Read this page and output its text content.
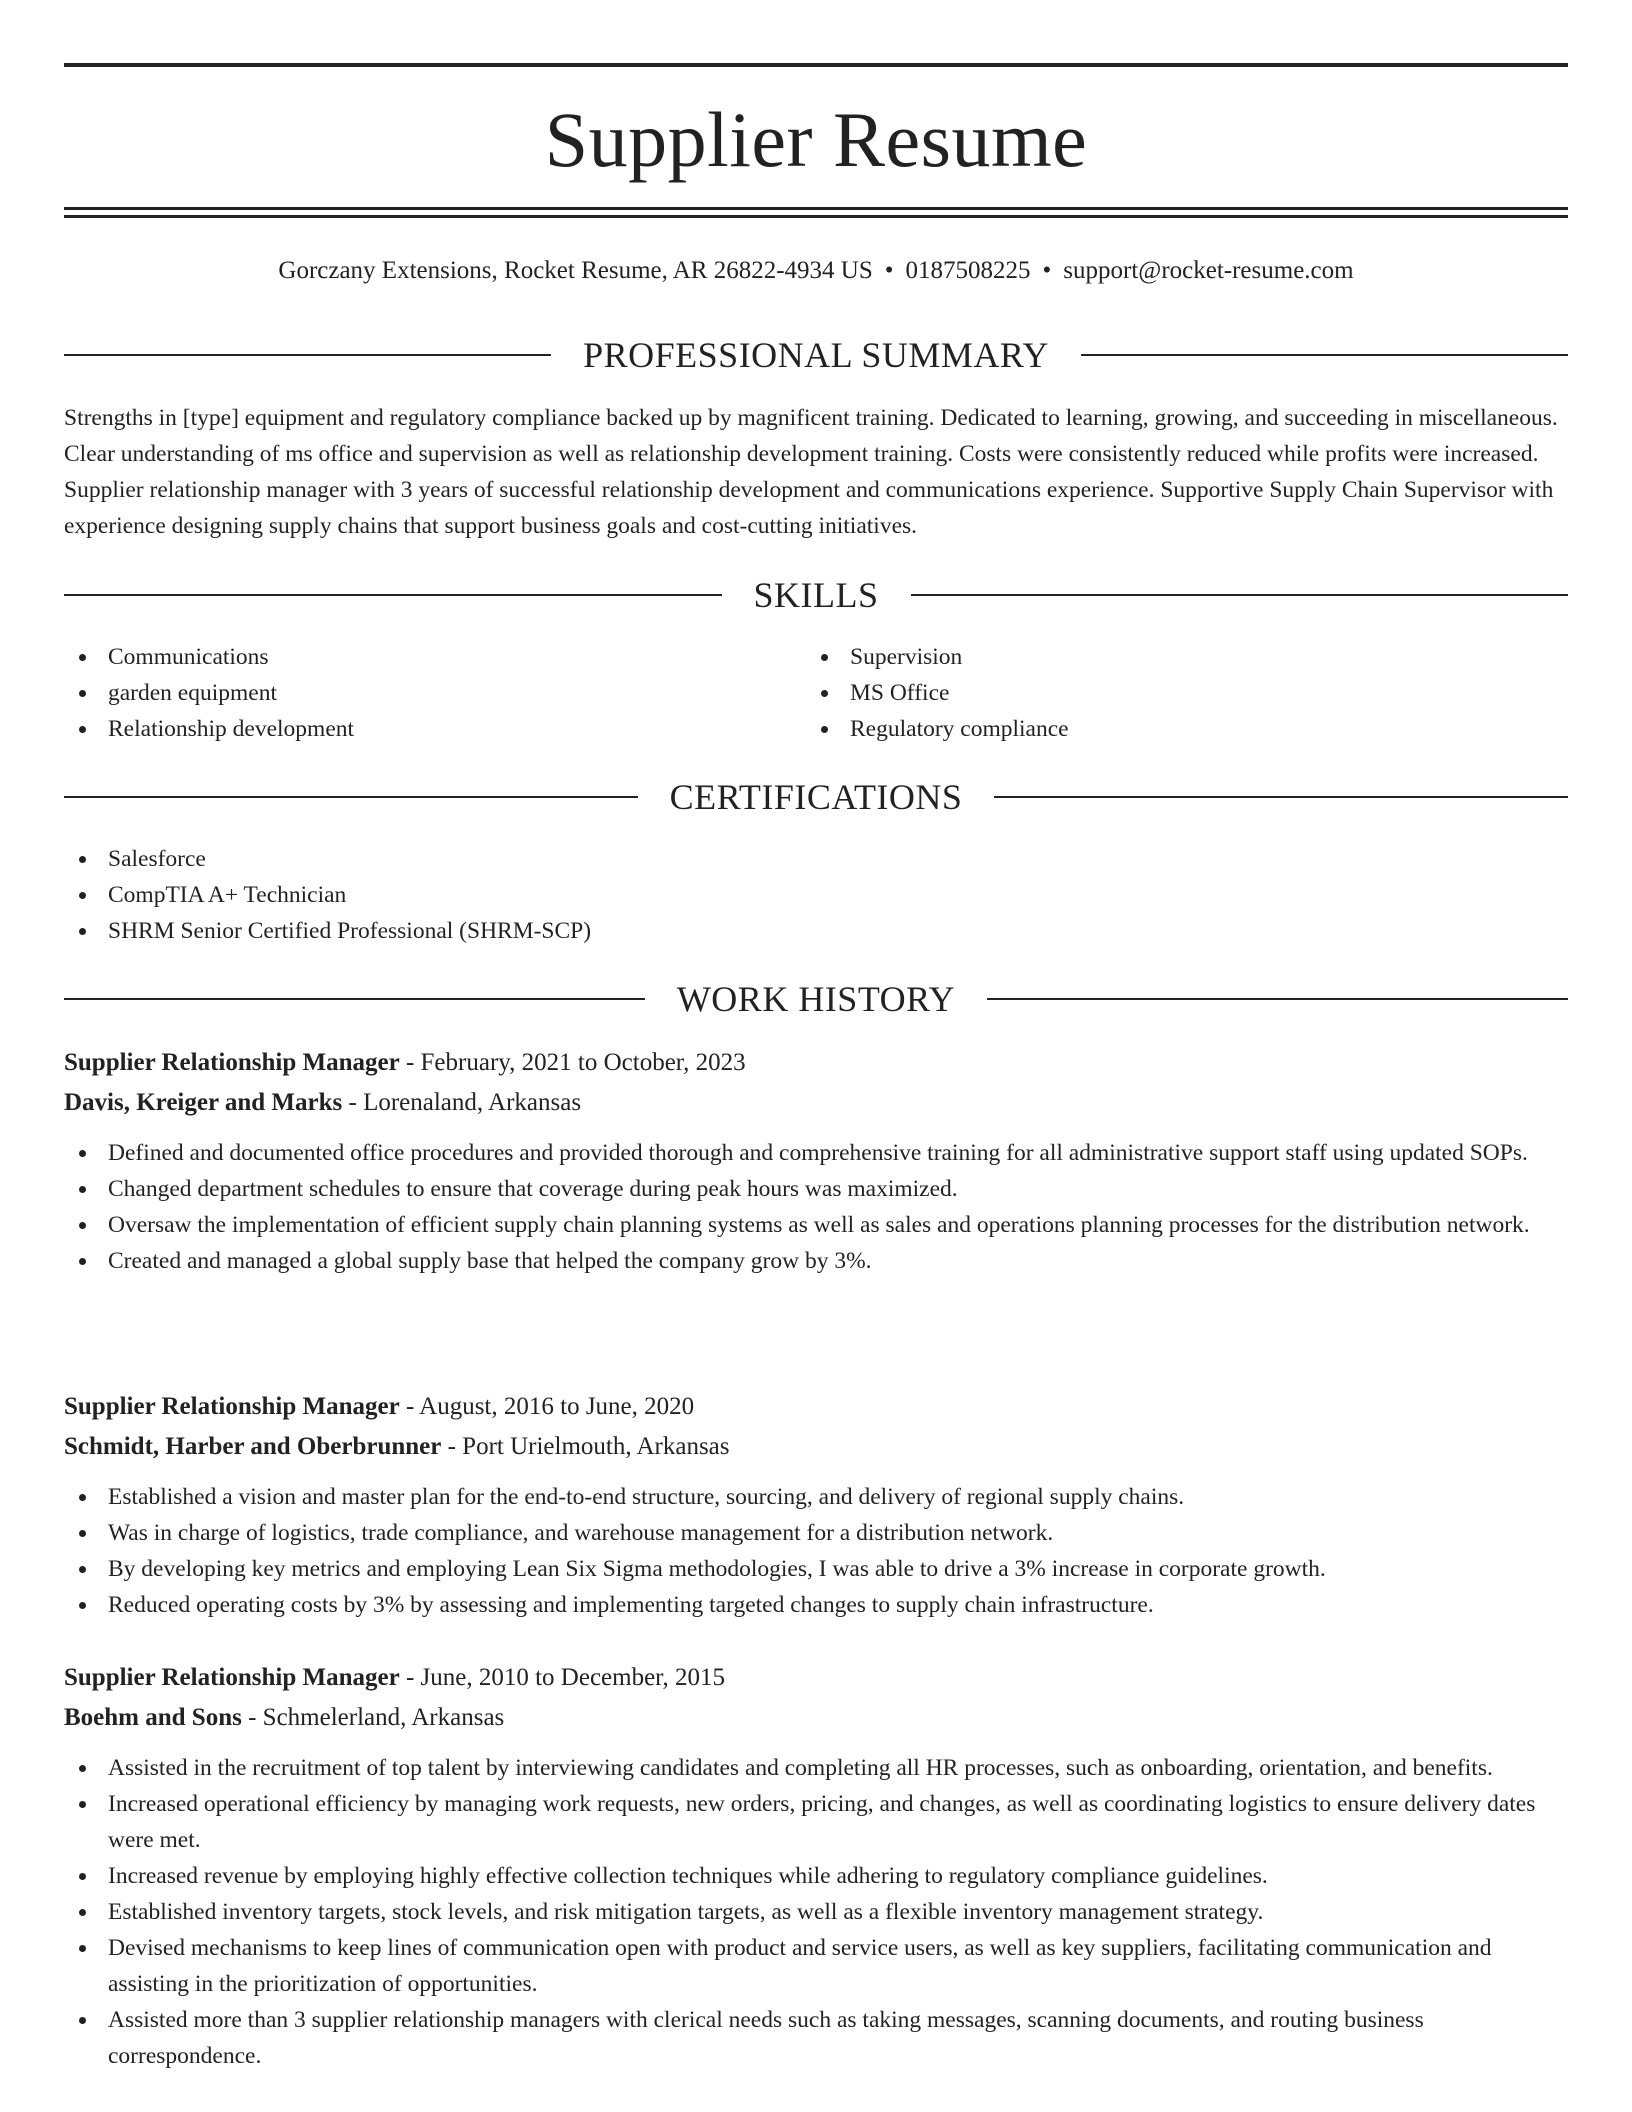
Supplier Resume
Gorczany Extensions, Rocket Resume, AR 26822-4934 US • 0187508225 • support@rocket-resume.com
PROFESSIONAL SUMMARY

Strengths in [type] equipment and regulatory compliance backed up by magnificent training. Dedicated to learning, growing, and succeeding in miscellaneous. Clear understanding of ms office and supervision as well as relationship development training. Costs were consistently reduced while profits were increased. Supplier relationship manager with 3 years of successful relationship development and communications experience. Supportive Supply Chain Supervisor with experience designing supply chains that support business goals and cost-cutting initiatives.

SKILLS
Communications
garden equipment
Relationship development
Supervision
MS Office
Regulatory compliance
CERTIFICATIONS
Salesforce
CompTIA A+ Technician
SHRM Senior Certified Professional (SHRM-SCP)
WORK HISTORY
Supplier Relationship Manager - February, 2021 to October, 2023
Davis, Kreiger and Marks - Lorenaland, Arkansas
Defined and documented office procedures and provided thorough and comprehensive training for all administrative support staff using updated SOPs.
Changed department schedules to ensure that coverage during peak hours was maximized.
Oversaw the implementation of efficient supply chain planning systems as well as sales and operations planning processes for the distribution network.
Created and managed a global supply base that helped the company grow by 3%.
Supplier Relationship Manager - August, 2016 to June, 2020
Schmidt, Harber and Oberbrunner - Port Urielmouth, Arkansas
Established a vision and master plan for the end-to-end structure, sourcing, and delivery of regional supply chains.
Was in charge of logistics, trade compliance, and warehouse management for a distribution network.
By developing key metrics and employing Lean Six Sigma methodologies, I was able to drive a 3% increase in corporate growth.
Reduced operating costs by 3% by assessing and implementing targeted changes to supply chain infrastructure.
Supplier Relationship Manager - June, 2010 to December, 2015
Boehm and Sons - Schmelerland, Arkansas
Assisted in the recruitment of top talent by interviewing candidates and completing all HR processes, such as onboarding, orientation, and benefits.
Increased operational efficiency by managing work requests, new orders, pricing, and changes, as well as coordinating logistics to ensure delivery dates were met.
Increased revenue by employing highly effective collection techniques while adhering to regulatory compliance guidelines.
Established inventory targets, stock levels, and risk mitigation targets, as well as a flexible inventory management strategy.
Devised mechanisms to keep lines of communication open with product and service users, as well as key suppliers, facilitating communication and assisting in the prioritization of opportunities.
Assisted more than 3 supplier relationship managers with clerical needs such as taking messages, scanning documents, and routing business correspondence.
